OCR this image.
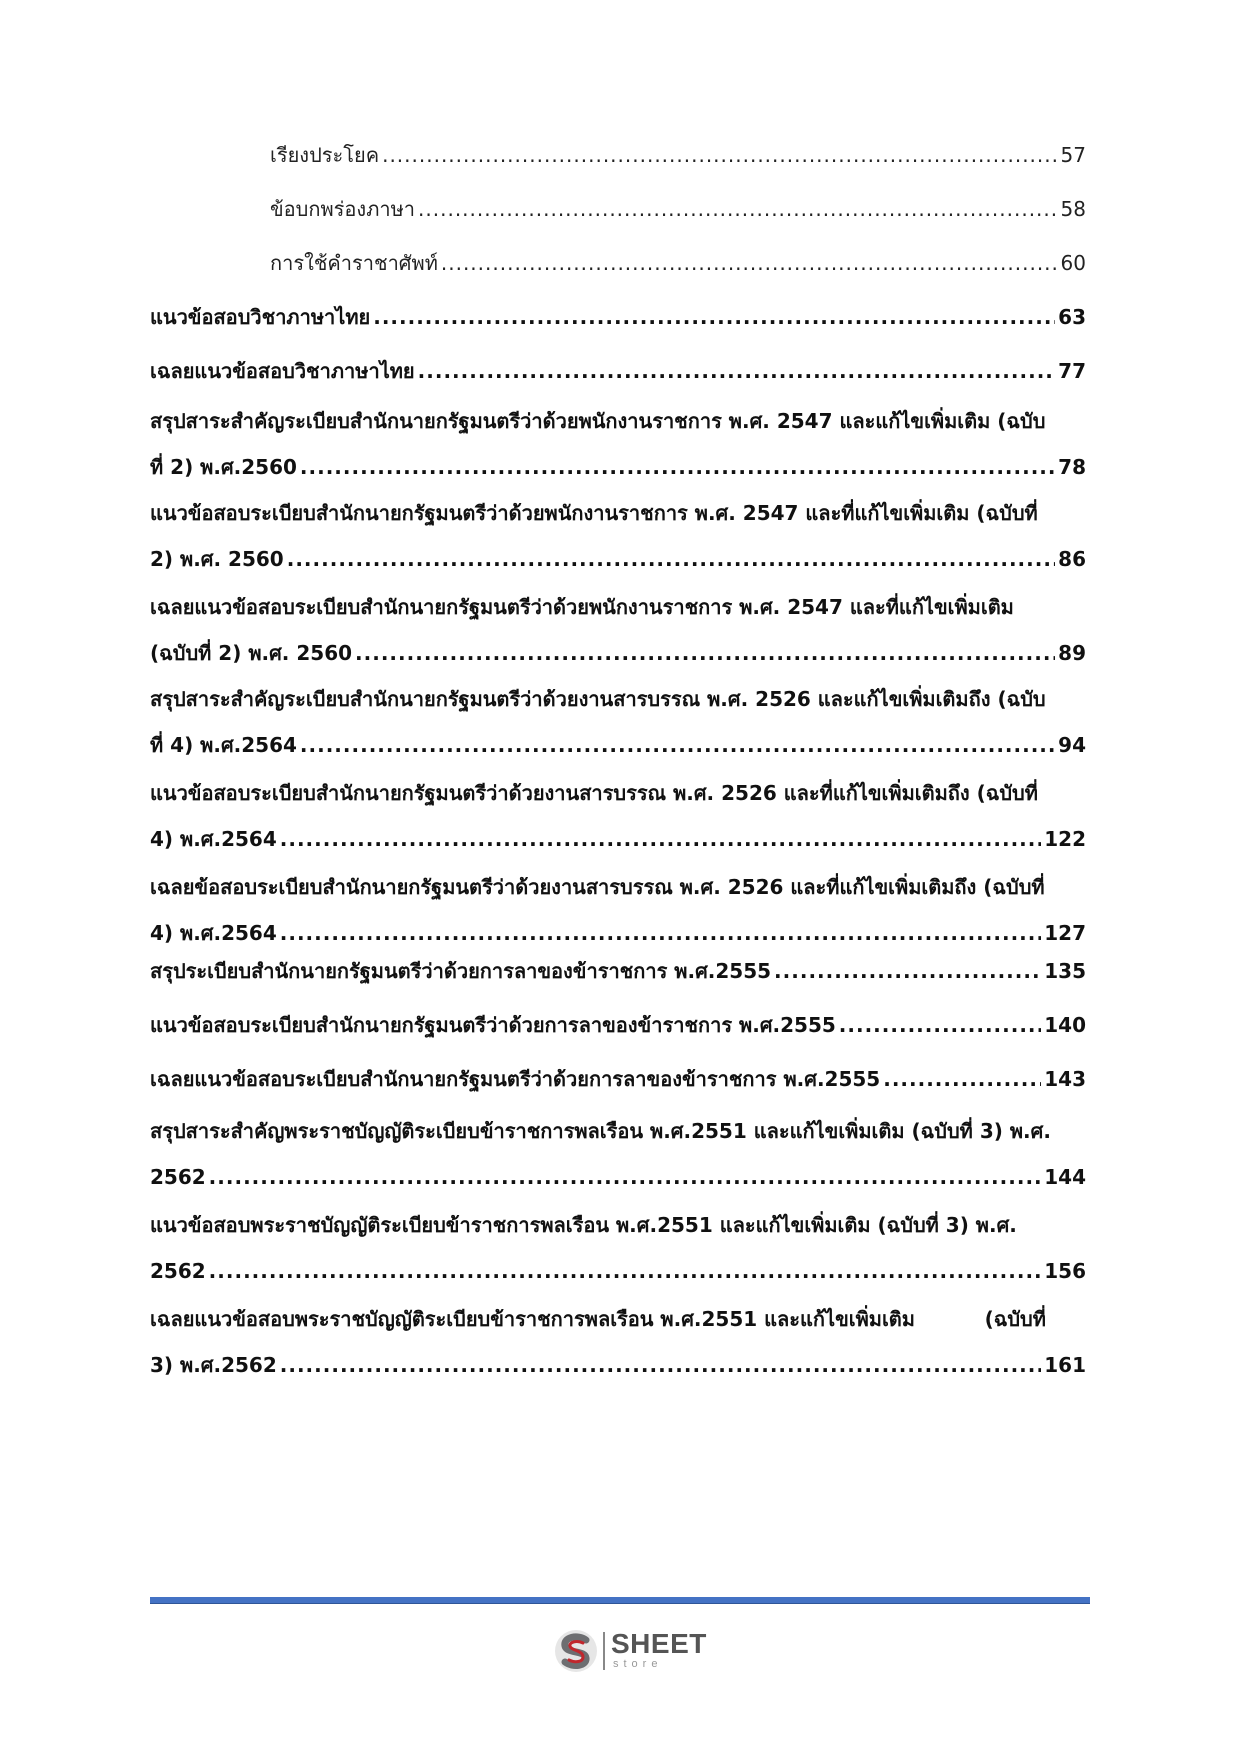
เรียงประโยค .....	57
ข้อบกพร่องภาษา .....	58
การใช้คำราชาศัพท์ .....	60
แนวข้อสอบวิชาภาษาไทย .....	63
เฉลยแนวข้อสอบวิชาภาษาไทย .....	77
สรุปสาระสำคัญระเบียบสำนักนายกรัฐมนตรีว่าด้วยพนักงานราชการ พ.ศ. 2547 และแก้ไขเพิ่มเติม (ฉบับ
ที่ 2) พ.ศ.2560 .....	78
แนวข้อสอบระเบียบสำนักนายกรัฐมนตรีว่าด้วยพนักงานราชการ พ.ศ. 2547 และที่แก้ไขเพิ่มเติม (ฉบับที่
2) พ.ศ. 2560 .....	86
เฉลยแนวข้อสอบระเบียบสำนักนายกรัฐมนตรีว่าด้วยพนักงานราชการ พ.ศ. 2547 และที่แก้ไขเพิ่มเติม
(ฉบับที่ 2) พ.ศ. 2560 .....	89
สรุปสาระสำคัญระเบียบสำนักนายกรัฐมนตรีว่าด้วยงานสารบรรณ พ.ศ. 2526 และแก้ไขเพิ่มเติมถึง (ฉบับ
ที่ 4) พ.ศ.2564 .....	94
แนวข้อสอบระเบียบสำนักนายกรัฐมนตรีว่าด้วยงานสารบรรณ พ.ศ. 2526 และที่แก้ไขเพิ่มเติมถึง (ฉบับที่
4) พ.ศ.2564 .....	122
เฉลยข้อสอบระเบียบสำนักนายกรัฐมนตรีว่าด้วยงานสารบรรณ พ.ศ. 2526 และที่แก้ไขเพิ่มเติมถึง (ฉบับที่
4) พ.ศ.2564 .....	127
สรุประเบียบสำนักนายกรัฐมนตรีว่าด้วยการลาของข้าราชการ พ.ศ.2555 .....	135
แนวข้อสอบระเบียบสำนักนายกรัฐมนตรีว่าด้วยการลาของข้าราชการ พ.ศ.2555 .....	140
เฉลยแนวข้อสอบระเบียบสำนักนายกรัฐมนตรีว่าด้วยการลาของข้าราชการ พ.ศ.2555 .....	143
สรุปสาระสำคัญพระราชบัญญัติระเบียบข้าราชการพลเรือน พ.ศ.2551 และแก้ไขเพิ่มเติม (ฉบับที่ 3) พ.ศ.
2562 .....	144
แนวข้อสอบพระราชบัญญัติระเบียบข้าราชการพลเรือน พ.ศ.2551 และแก้ไขเพิ่มเติม (ฉบับที่ 3) พ.ศ.
2562 .....	156
เฉลยแนวข้อสอบพระราชบัญญัติระเบียบข้าราชการพลเรือน พ.ศ.2551 และแก้ไขเพิ่มเติม          (ฉบับที่
3) พ.ศ.2562 .....	161
SHEET
store
